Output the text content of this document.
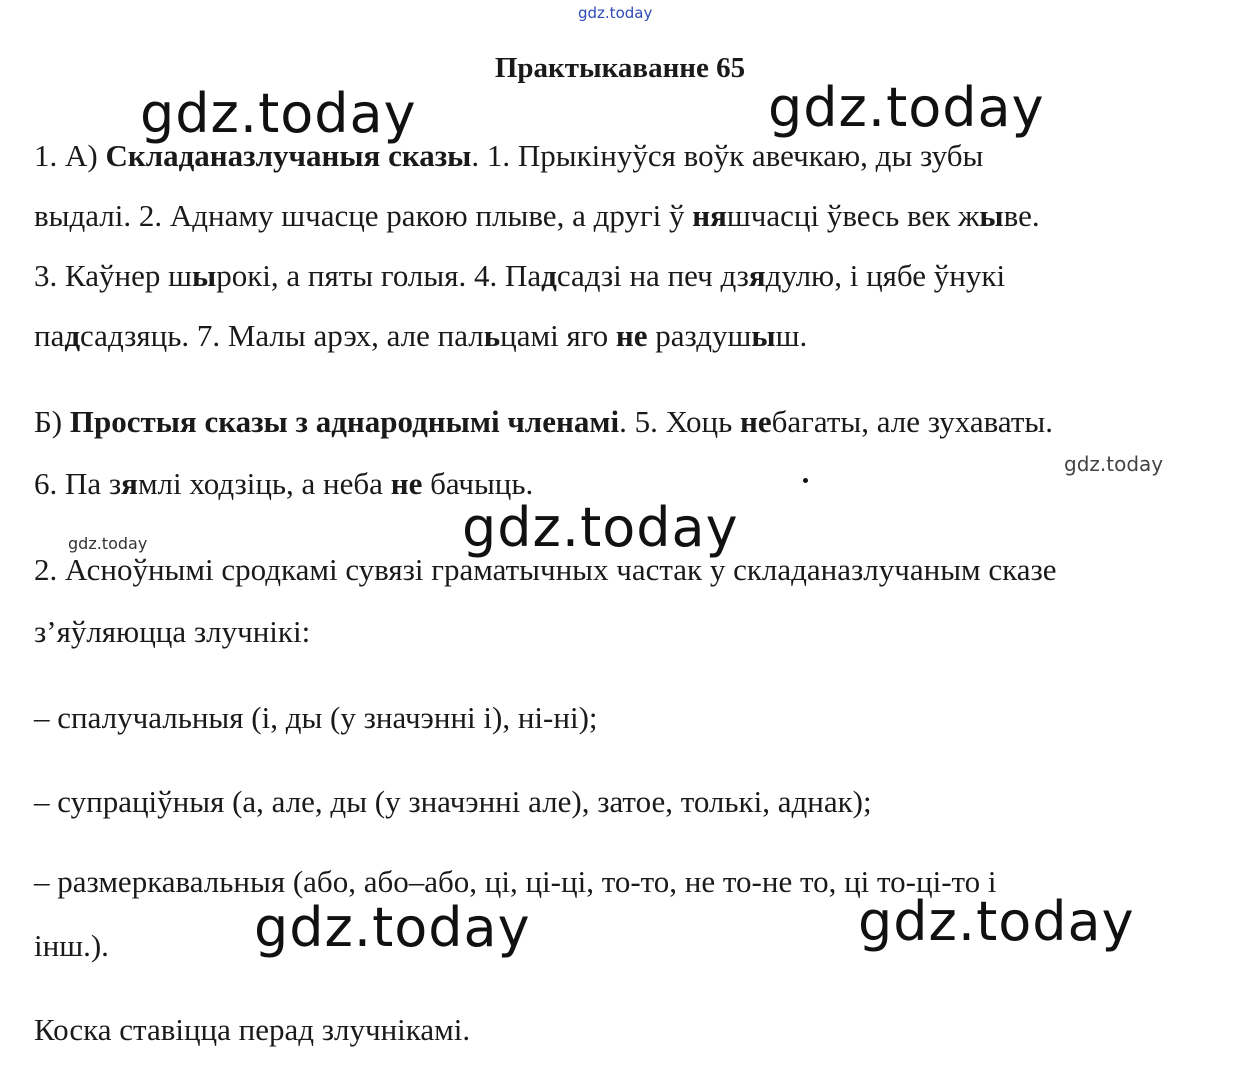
gdz.today
Практыкаванне 65
gdz.today	gdz.today
1. А) Складаназлучаныя сказы. 1. Прыкінуўся воўк авечкаю, ды зубы
выдалі. 2. Аднаму шчасце ракою плыве, а другі ў няшчасці ўвесь век жыве.
3. Каўнер шырокі, а пяты голыя. 4. Падсадзі на печ дзядулю, і цябе ўнукі
падсадзяць. 7. Малы арэх, але пальцамі яго не раздушыш.
Б) Простыя сказы з аднароднымі членамі. 5. Хоць небагаты, але зухаваты.
gdz.today
6. Па зямлі ходзіць, а неба не бачыць.
gdz.today
gdz.today
2. Асноўнымі сродкамі сувязі граматычных частак у складаназлучаным сказе
з’яўляюцца злучнікі:
– спалучальныя (і, ды (у значэнні і), ні-ні);
– супраціўныя (а, але, ды (у значэнні але), затое, толькі, аднак);
– размеркавальныя (або, або–або, ці, ці-ці, то-то, не то-не то, ці то-ці-то і
інш.).	gdz.today	gdz.today
Коска ставіцца перад злучнікамі.
